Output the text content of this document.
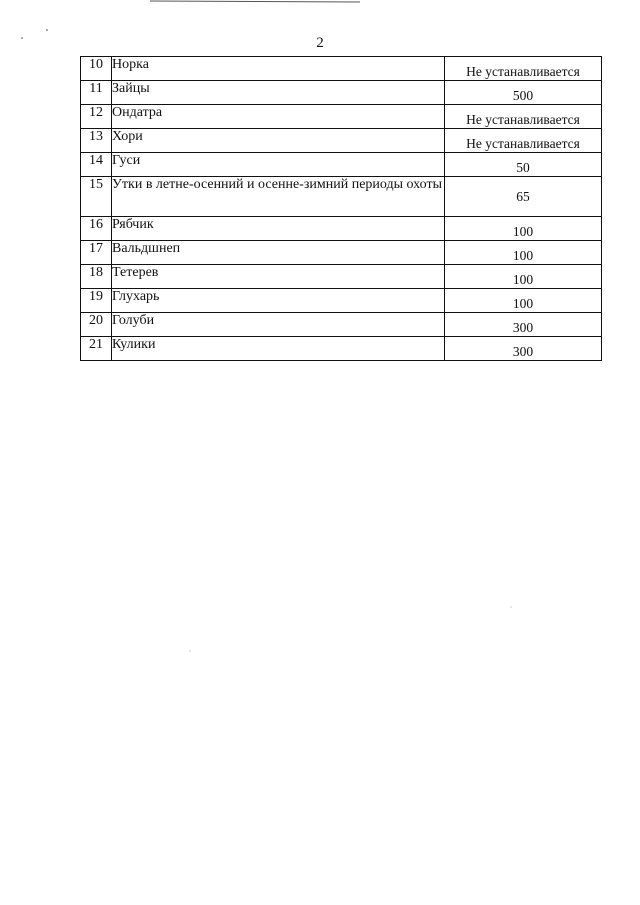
2
10	Норка	Не устанавливается
11	Зайцы	500
12	Ондатра	Не устанавливается
13	Хори	Не устанавливается
14	Гуси	50
15	Утки в летне-осенний и осенне-зимний периоды охоты	65
16	Рябчик	100
17	Вальдшнеп	100
18	Тетерев	100
19	Глухарь	100
20	Голуби	300
21	Кулики	300
